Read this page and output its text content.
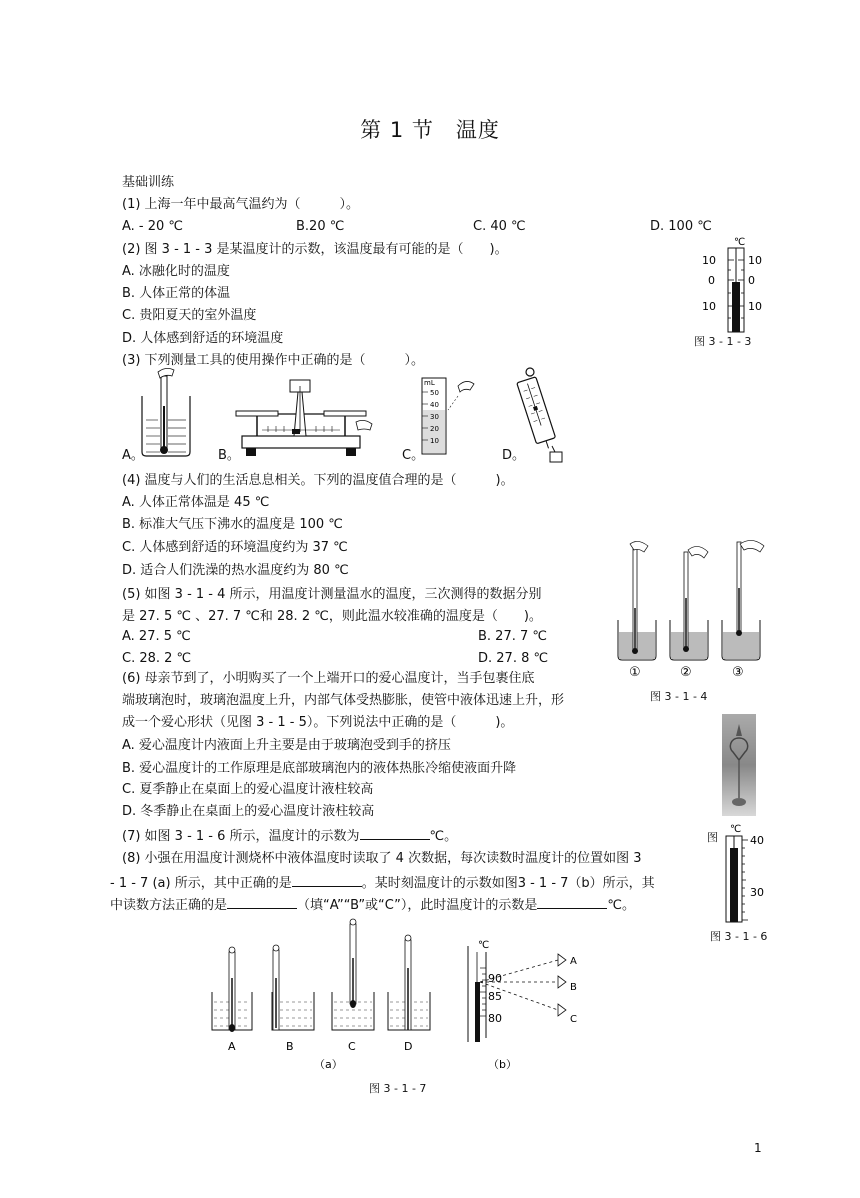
第 1 节　温度
基础训练
(1) 上海一年中最高气温约为（　　　）。
A. - 20 ℃	B.20 ℃	C. 40 ℃	D. 100 ℃
(2) 图 3 - 1 - 3 是某温度计的示数，该温度最有可能的是（　　)。
A. 冰融化时的温度
B. 人体正常的体温
C. 贵阳夏天的室外温度
D. 人体感到舒适的环境温度
℃
10	10
0	0
10	10
图 3 - 1 - 3
(3) 下列测量工具的使用操作中正确的是（　　　）。
mL
50
40
30
20
10
A。	B。	C。	D。
(4) 温度与人们的生活息息相关。下列的温度值合理的是（　　　)。
A. 人体正常体温是 45 ℃
B. 标准大气压下沸水的温度是 100 ℃
C. 人体感到舒适的环境温度约为 37 ℃
D. 适合人们洗澡的热水温度约为 80 ℃
(5) 如图 3 - 1 - 4 所示，用温度计测量温水的温度，三次测得的数据分别
是 27. 5 ℃ 、27. 7 ℃和 28. 2 ℃，则此温水较准确的温度是（　　)。
A. 27. 5 ℃	B. 27. 7 ℃
C. 28. 2 ℃	D. 27. 8 ℃
①	②	③
图 3 - 1 - 4
(6) 母亲节到了，小明购买了一个上端开口的爱心温度计，当手包裹住底
端玻璃泡时，玻璃泡温度上升，内部气体受热膨胀，使管中液体迅速上升，形
成一个爱心形状（见图 3 - 1 - 5）。下列说法中正确的是（　　　)。
A. 爱心温度计内液面上升主要是由于玻璃泡受到手的挤压
B. 爱心温度计的工作原理是底部玻璃泡内的液体热胀冷缩使液面升降
C. 夏季静止在桌面上的爱心温度计液柱较高
D. 冬季静止在桌面上的爱心温度计液柱较高
(7) 如图 3 - 1 - 6 所示，温度计的示数为	℃。
(8) 小强在用温度计测烧杯中液体温度时读取了 4 次数据，每次读数时温度计的位置如图 3
- 1 - 7 (a) 所示，其中正确的是	。某时刻温度计的示数如图3 - 1 - 7（b）所示，其
中读数方法正确的是	（填“A”“B”或“C”），此时温度计的示数是	℃。
图
℃
40
30
图 3 - 1 - 6
A	B	C	D
（a）
℃
90
85
80
A
B
C
（b）
图 3 - 1 - 7
1
